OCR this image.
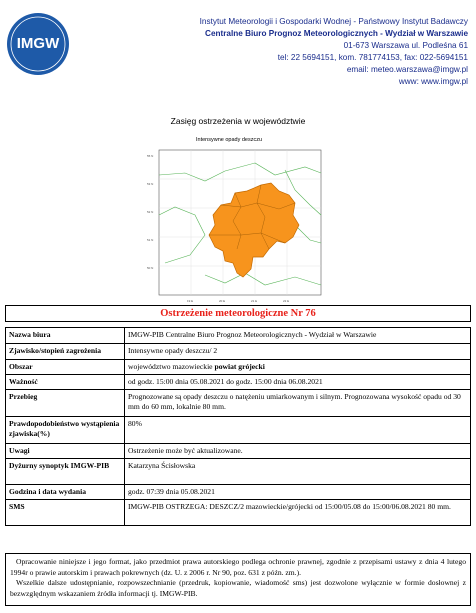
IMGW
Instytut Meteorologii i Gospodarki Wodnej - Państwowy Instytut Badawczy
Centralne Biuro Prognoz Meteorologicznych - Wydział w Warszawie
01-673 Warszawa ul. Podleśna 61
tel: 22 5694151, kom. 781774153, fax: 022-5694151
email: meteo.warszawa@imgw.pl
www: www.imgw.pl
Zasięg ostrzeżenia w województwie
Intensywne opady deszczu
55 N
53 N
52 N
51 N
50 N
19 E	20 E	21 E	22 E
Ostrzeżenie meteorologiczne Nr 76
Nazwa biura	IMGW-PIB Centralne Biuro Prognoz Meteorologicznych - Wydział w Warszawie
Zjawisko/stopień zagrożenia	Intensywne opady deszczu/ 2
Obszar	województwo mazowieckie powiat grójecki
Ważność	od godz. 15:00 dnia 05.08.2021 do godz. 15:00 dnia 06.08.2021
Przebieg	Prognozowane są opady deszczu o natężeniu umiarkowanym i silnym. Prognozowana wysokość opadu od 30 mm do 60 mm, lokalnie 80 mm.
Prawdopodobieństwo wystąpienia zjawiska(%)	80%
Uwagi	Ostrzeżenie może być aktualizowane.
Dyżurny synoptyk IMGW-PIB	Katarzyna Ścisłowska
Godzina i data wydania	godz. 07:39 dnia 05.08.2021
SMS	IMGW-PIB OSTRZEGA: DESZCZ/2 mazowieckie/grójecki od 15:00/05.08 do 15:00/06.08.2021 80 mm.
Opracowanie niniejsze i jego format, jako przedmiot prawa autorskiego podlega ochronie prawnej, zgodnie z przepisami ustawy z dnia 4 lutego 1994r o prawie autorskim i prawach pokrewnych (dz. U. z 2006 r. Nr 90, poz. 631 z późn. zm.).
Wszelkie dalsze udostępnianie, rozpowszechnianie (przedruk, kopiowanie, wiadomość sms) jest dozwolone wyłącznie w formie dosłownej z bezwzględnym wskazaniem źródła informacji tj. IMGW-PIB.
